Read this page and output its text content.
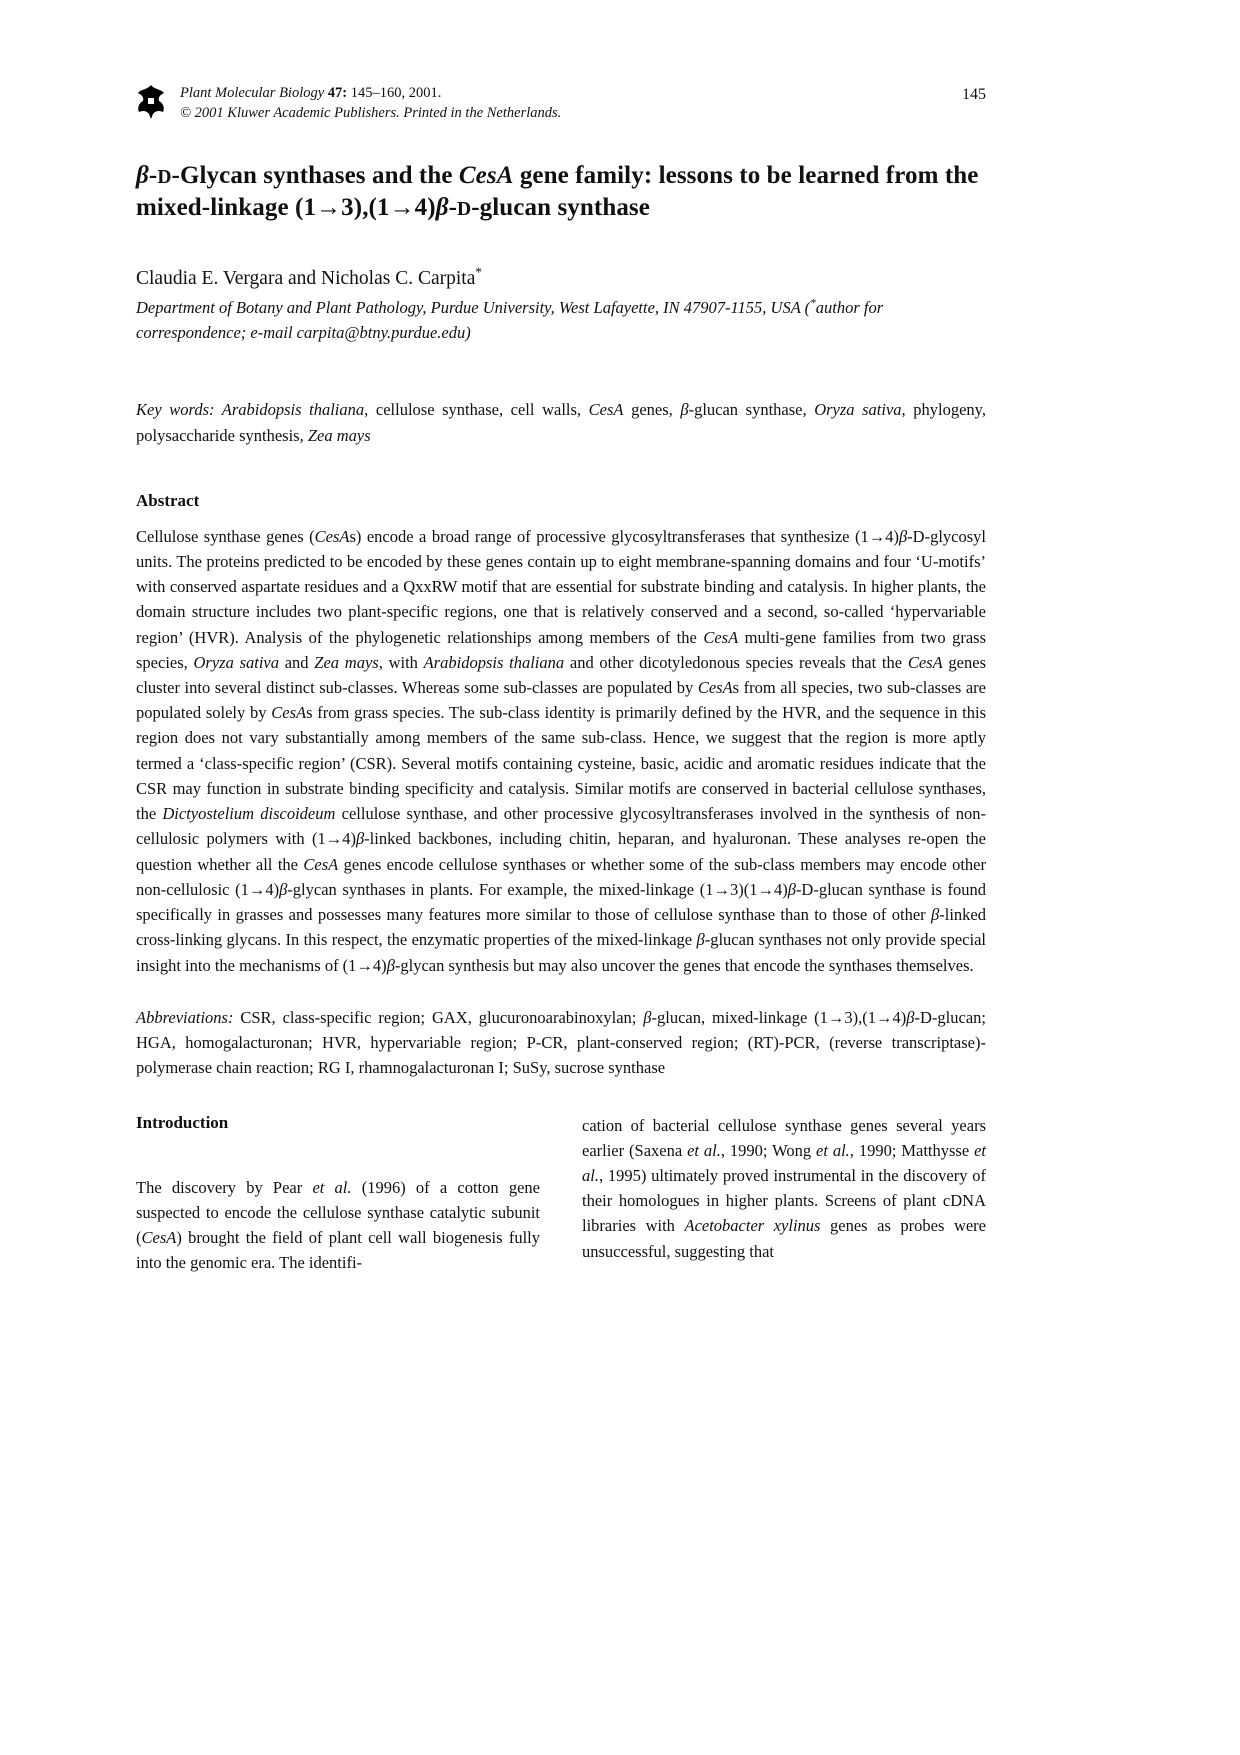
Plant Molecular Biology 47: 145–160, 2001.

© 2001 Kluwer Academic Publishers. Printed in the Netherlands.

145
β-D-Glycan synthases and the CesA gene family: lessons to be learned from the mixed-linkage (1→3),(1→4)β-D-glucan synthase

Claudia E. Vergara and Nicholas C. Carpita*

Department of Botany and Plant Pathology, Purdue University, West Lafayette, IN 47907-1155, USA (*author for correspondence; e-mail carpita@btny.purdue.edu)

Key words: Arabidopsis thaliana, cellulose synthase, cell walls, CesA genes, β-glucan synthase, Oryza sativa, phylogeny, polysaccharide synthesis, Zea mays

Abstract

Cellulose synthase genes (CesAs) encode a broad range of processive glycosyltransferases that synthesize (1→4)β-D-glycosyl units. The proteins predicted to be encoded by these genes contain up to eight membrane-spanning domains and four ‘U-motifs’ with conserved aspartate residues and a QxxRW motif that are essential for substrate binding and catalysis. In higher plants, the domain structure includes two plant-specific regions, one that is relatively conserved and a second, so-called ‘hypervariable region’ (HVR). Analysis of the phylogenetic relationships among members of the CesA multi-gene families from two grass species, Oryza sativa and Zea mays, with Arabidopsis thaliana and other dicotyledonous species reveals that the CesA genes cluster into several distinct sub-classes. Whereas some sub-classes are populated by CesAs from all species, two sub-classes are populated solely by CesAs from grass species. The sub-class identity is primarily defined by the HVR, and the sequence in this region does not vary substantially among members of the same sub-class. Hence, we suggest that the region is more aptly termed a ‘class-specific region’ (CSR). Several motifs containing cysteine, basic, acidic and aromatic residues indicate that the CSR may function in substrate binding specificity and catalysis. Similar motifs are conserved in bacterial cellulose synthases, the Dictyostelium discoideum cellulose synthase, and other processive glycosyltransferases involved in the synthesis of non-cellulosic polymers with (1→4)β-linked backbones, including chitin, heparan, and hyaluronan. These analyses re-open the question whether all the CesA genes encode cellulose synthases or whether some of the sub-class members may encode other non-cellulosic (1→4)β-glycan synthases in plants. For example, the mixed-linkage (1→3)(1→4)β-D-glucan synthase is found specifically in grasses and possesses many features more similar to those of cellulose synthase than to those of other β-linked cross-linking glycans. In this respect, the enzymatic properties of the mixed-linkage β-glucan synthases not only provide special insight into the mechanisms of (1→4)β-glycan synthesis but may also uncover the genes that encode the synthases themselves.

Abbreviations: CSR, class-specific region; GAX, glucuronoarabinoxylan; β-glucan, mixed-linkage (1→3),(1→4)β-D-glucan; HGA, homogalacturonan; HVR, hypervariable region; P-CR, plant-conserved region; (RT)-PCR, (reverse transcriptase)-polymerase chain reaction; RG I, rhamnogalacturonan I; SuSy, sucrose synthase

Introduction

The discovery by Pear et al. (1996) of a cotton gene suspected to encode the cellulose synthase catalytic subunit (CesA) brought the field of plant cell wall biogenesis fully into the genomic era. The identifi-

cation of bacterial cellulose synthase genes several years earlier (Saxena et al., 1990; Wong et al., 1990; Matthysse et al., 1995) ultimately proved instrumental in the discovery of their homologues in higher plants. Screens of plant cDNA libraries with Acetobacter xylinus genes as probes were unsuccessful, suggesting that
